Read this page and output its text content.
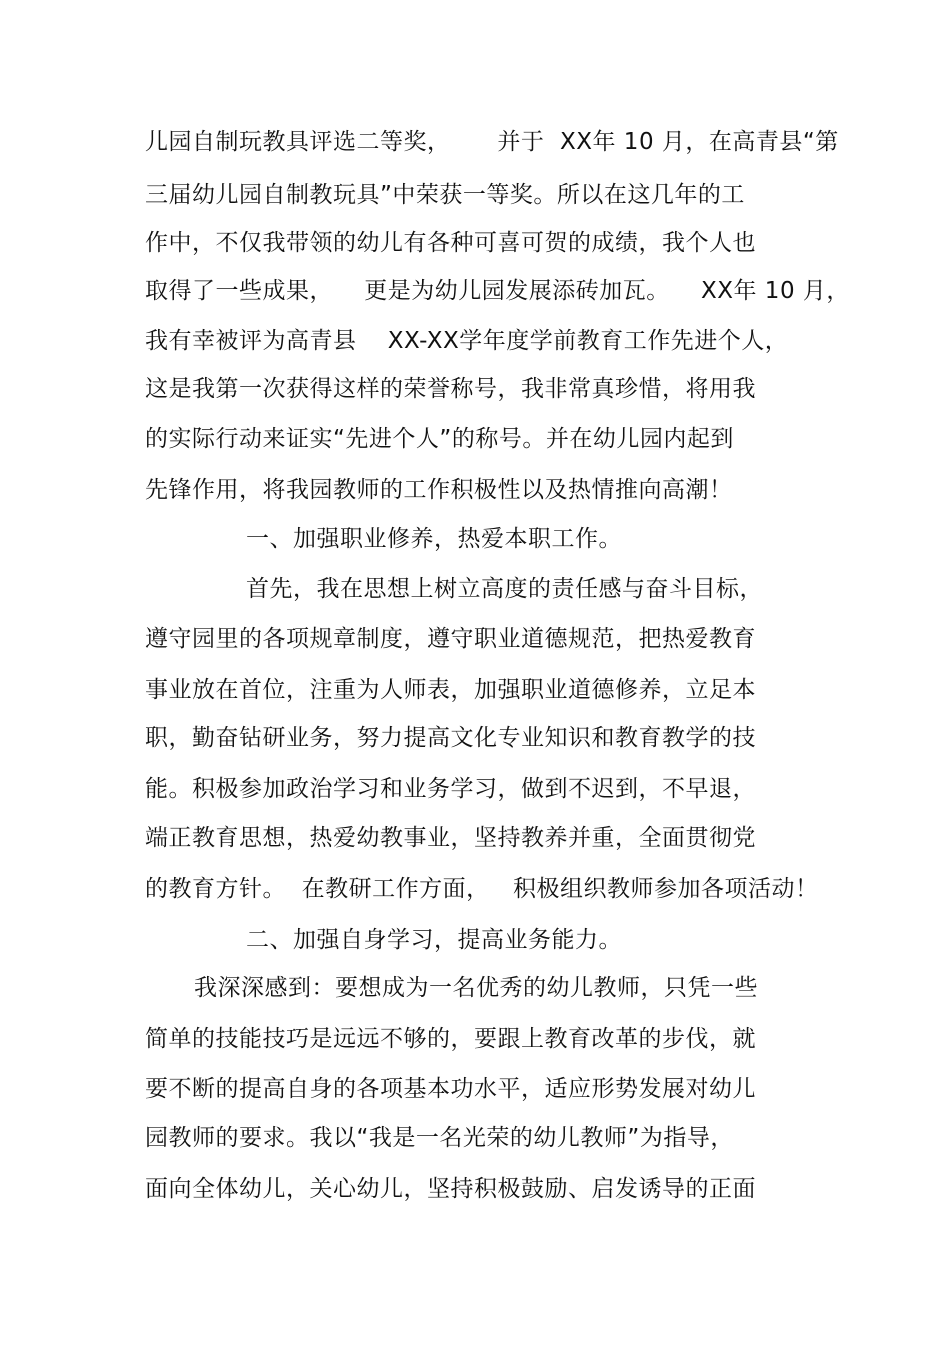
儿园自制玩教具评选二等奖，      并于  XX年 10 月，在高青县“第
三届幼儿园自制教玩具”中荣获一等奖。所以在这几年的工
作中，不仅我带领的幼儿有各种可喜可贺的成绩，我个人也
取得了一些成果，    更是为幼儿园发展添砖加瓦。    XX年 10 月，
我有幸被评为高青县    XX-XX学年度学前教育工作先进个人，
这是我第一次获得这样的荣誉称号，我非常真珍惜，将用我
的实际行动来证实“先进个人”的称号。并在幼儿园内起到
先锋作用，将我园教师的工作积极性以及热情推向高潮！
一、加强职业修养，热爱本职工作。
首先，我在思想上树立高度的责任感与奋斗目标，
遵守园里的各项规章制度，遵守职业道德规范，把热爱教育
事业放在首位，注重为人师表，加强职业道德修养，立足本
职，勤奋钻研业务，努力提高文化专业知识和教育教学的技
能。积极参加政治学习和业务学习，做到不迟到，不早退，
端正教育思想，热爱幼教事业，坚持教养并重，全面贯彻党
的教育方针。  在教研工作方面，   积极组织教师参加各项活动！
二、加强自身学习，提高业务能力。
我深深感到：要想成为一名优秀的幼儿教师，只凭一些
简单的技能技巧是远远不够的，要跟上教育改革的步伐，就
要不断的提高自身的各项基本功水平，适应形势发展对幼儿
园教师的要求。我以“我是一名光荣的幼儿教师”为指导，
面向全体幼儿，关心幼儿，坚持积极鼓励、启发诱导的正面
